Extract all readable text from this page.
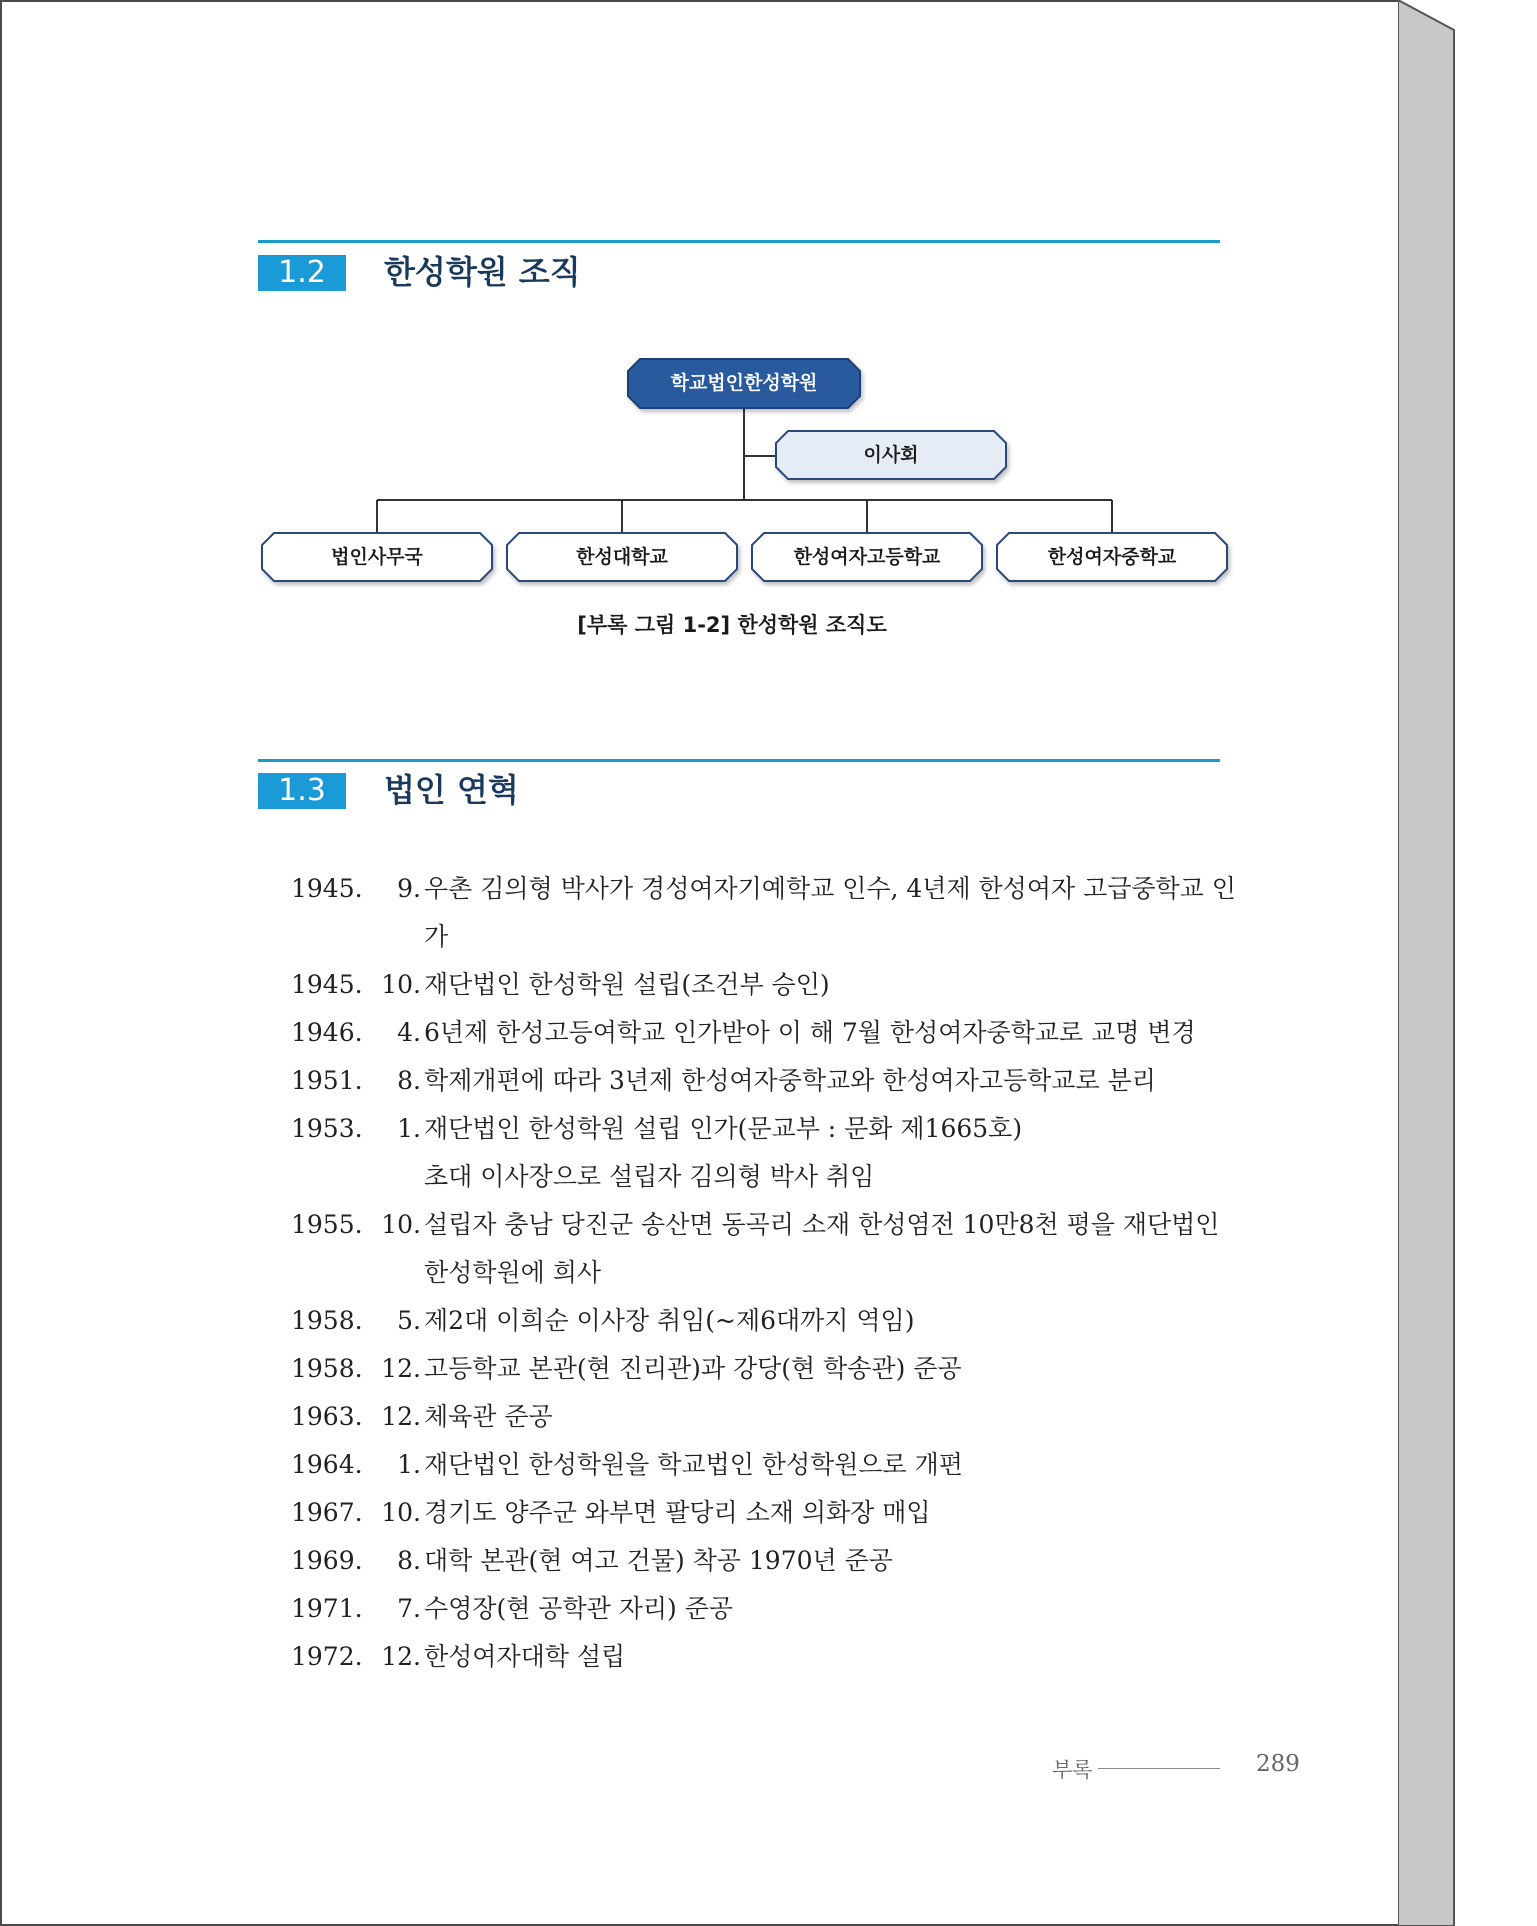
1.2	한성학원 조직
학교법인한성학원
이사회
법인사무국	한성대학교	한성여자고등학교	한성여자중학교
[부록 그림 1-2] 한성학원 조직도
1.3	법인 연혁
1945.	9. 우촌 김의형 박사가 경성여자기예학교 인수, 4년제 한성여자 고급중학교 인가
1945. 10. 재단법인 한성학원 설립(조건부 승인)
1946.	4. 6년제 한성고등여학교 인가받아 이 해 7월 한성여자중학교로 교명 변경
1951.	8. 학제개편에 따라 3년제 한성여자중학교와 한성여자고등학교로 분리
1953.	1. 재단법인 한성학원 설립 인가(문교부 : 문화 제1665호)
초대 이사장으로 설립자 김의형 박사 취임
1955. 10. 설립자 충남 당진군 송산면 동곡리 소재 한성염전 10만8천 평을 재단법인
한성학원에 희사
1958.	5. 제2대 이희순 이사장 취임(~제6대까지 역임)
1958. 12. 고등학교 본관(현 진리관)과 강당(현 학송관) 준공
1963. 12. 체육관 준공
1964.	1. 재단법인 한성학원을 학교법인 한성학원으로 개편
1967. 10. 경기도 양주군 와부면 팔당리 소재 의화장 매입
1969.	8. 대학 본관(현 여고 건물) 착공 1970년 준공
1971.	7. 수영장(현 공학관 자리) 준공
1972. 12. 한성여자대학 설립
부록	289
